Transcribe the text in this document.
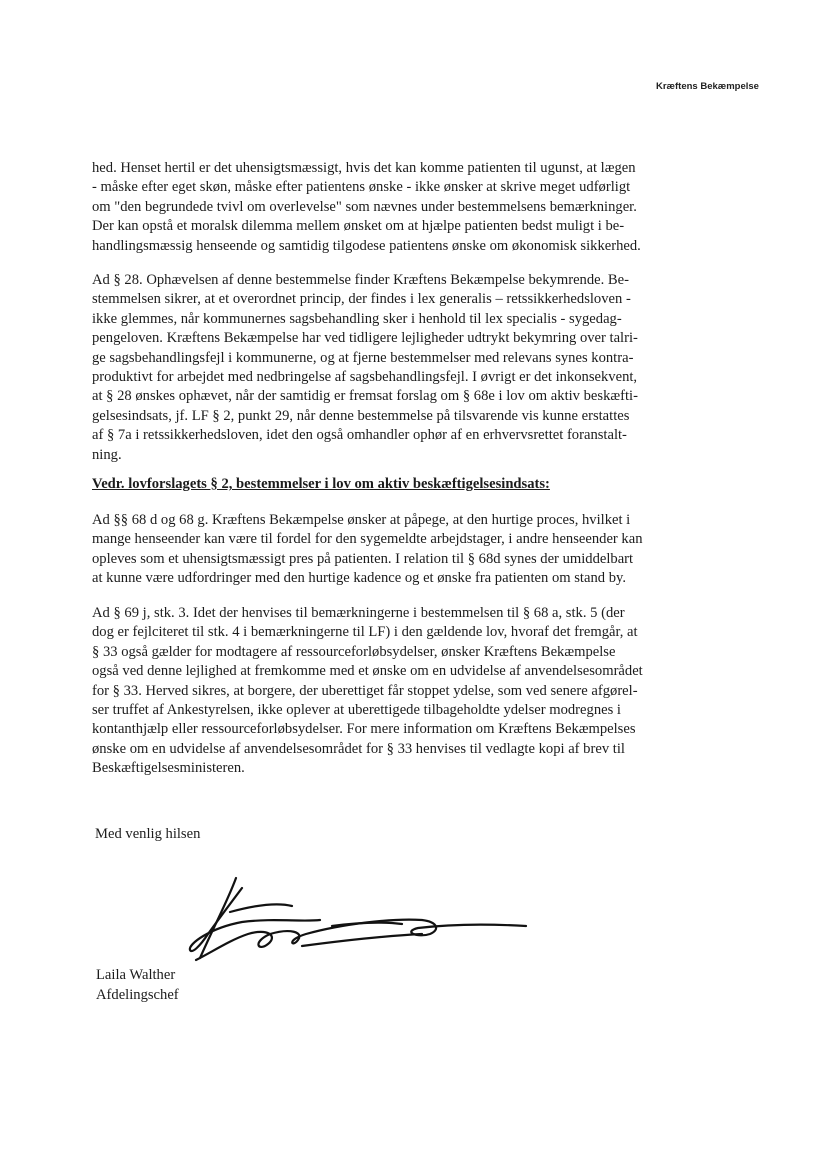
Kræftens Bekæmpelse
hed. Henset hertil er det uhensigtsmæssigt, hvis det kan komme patienten til ugunst, at lægen
- måske efter eget skøn, måske efter patientens ønske - ikke ønsker at skrive meget udførligt
om "den begrundede tvivl om overlevelse" som nævnes under bestemmelsens bemærkninger.
Der kan opstå et moralsk dilemma mellem ønsket om at hjælpe patienten bedst muligt i be-
handlingsmæssig henseende og samtidig tilgodese patientens ønske om økonomisk sikkerhed.
Ad § 28. Ophævelsen af denne bestemmelse finder Kræftens Bekæmpelse bekymrende. Be-
stemmelsen sikrer, at et overordnet princip, der findes i lex generalis – retssikkerhedsloven -
ikke glemmes, når kommunernes sagsbehandling sker i henhold til lex specialis - sygedag-
pengeloven. Kræftens Bekæmpelse har ved tidligere lejligheder udtrykt bekymring over talri-
ge sagsbehandlingsfejl i kommunerne, og at fjerne bestemmelser med relevans synes kontra-
produktivt for arbejdet med nedbringelse af sagsbehandlingsfejl. I øvrigt er det inkonsekvent,
at § 28 ønskes ophævet, når der samtidig er fremsat forslag om § 68e i lov om aktiv beskæfti-
gelsesindsats, jf. LF § 2, punkt 29, når denne bestemmelse på tilsvarende vis kunne erstattes
af § 7a i retssikkerhedsloven, idet den også omhandler ophør af en erhvervsrettet foranstalt-
ning.
Vedr. lovforslagets § 2, bestemmelser i lov om aktiv beskæftigelsesindsats:
Ad §§ 68 d og 68 g. Kræftens Bekæmpelse ønsker at påpege, at den hurtige proces, hvilket i
mange henseender kan være til fordel for den sygemeldte arbejdstager, i andre henseender kan
opleves som et uhensigtsmæssigt pres på patienten. I relation til § 68d synes der umiddelbart
at kunne være udfordringer med den hurtige kadence og et ønske fra patienten om stand by.
Ad § 69 j, stk. 3. Idet der henvises til bemærkningerne i bestemmelsen til § 68 a, stk. 5 (der
dog er fejlciteret til stk. 4 i bemærkningerne til LF) i den gældende lov, hvoraf det fremgår, at
§ 33 også gælder for modtagere af ressourceforløbsydelser, ønsker Kræftens Bekæmpelse
også ved denne lejlighed at fremkomme med et ønske om en udvidelse af anvendelsesområdet
for § 33. Herved sikres, at borgere, der uberettiget får stoppet ydelse, som ved senere afgørel-
ser truffet af Ankestyrelsen, ikke oplever at uberettigede tilbageholdte ydelser modregnes i
kontanthjælp eller ressourceforløbsydelser. For mere information om Kræftens Bekæmpelses
ønske om en udvidelse af anvendelsesområdet for § 33 henvises til vedlagte kopi af brev til
Beskæftigelsesministeren.
Med venlig hilsen
Laila Walther
Afdelingschef
